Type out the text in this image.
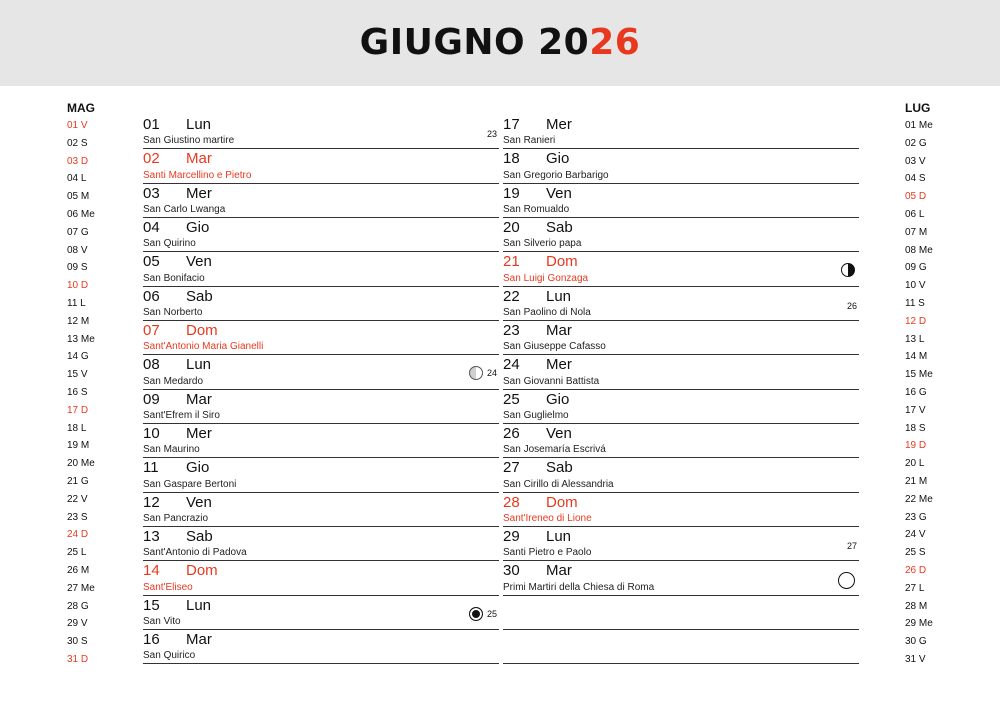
GIUGNO 2026
MAG
01 V
02 S
03 D
04 L
05 M
06 Me
07 G
08 V
09 S
10 D
11 L
12 M
13 Me
14 G
15 V
16 S
17 D
18 L
19 M
20 Me
21 G
22 V
23 S
24 D
25 L
26 M
27 Me
28 G
29 V
30 S
31 D
LUG
01 Me
02 G
03 V
04 S
05 D
06 L
07 M
08 Me
09 G
10 V
11 S
12 D
13 L
14 M
15 Me
16 G
17 V
18 S
19 D
20 L
21 M
22 Me
23 G
24 V
25 S
26 D
27 L
28 M
29 Me
30 G
31 V
01 Lun
San Giustino martire
23
02 Mar
Santi Marcellino e Pietro
03 Mer
San Carlo Lwanga
04 Gio
San Quirino
05 Ven
San Bonifacio
06 Sab
San Norberto
07 Dom
Sant'Antonio Maria Gianelli
08 Lun
San Medardo
24
09 Mar
Sant'Efrem il Siro
10 Mer
San Maurino
11 Gio
San Gaspare Bertoni
12 Ven
San Pancrazio
13 Sab
Sant'Antonio di Padova
14 Dom
Sant'Eliseo
15 Lun
San Vito
25
16 Mar
San Quirico
17 Mer
San Ranieri
18 Gio
San Gregorio Barbarigo
19 Ven
San Romualdo
20 Sab
San Silverio papa
21 Dom
San Luigi Gonzaga
22 Lun
San Paolino di Nola
26
23 Mar
San Giuseppe Cafasso
24 Mer
San Giovanni Battista
25 Gio
San Guglielmo
26 Ven
San Josemaría Escrivá
27 Sab
San Cirillo di Alessandria
28 Dom
Sant'Ireneo di Lione
29 Lun
Santi Pietro e Paolo
27
30 Mar
Primi Martiri della Chiesa di Roma
